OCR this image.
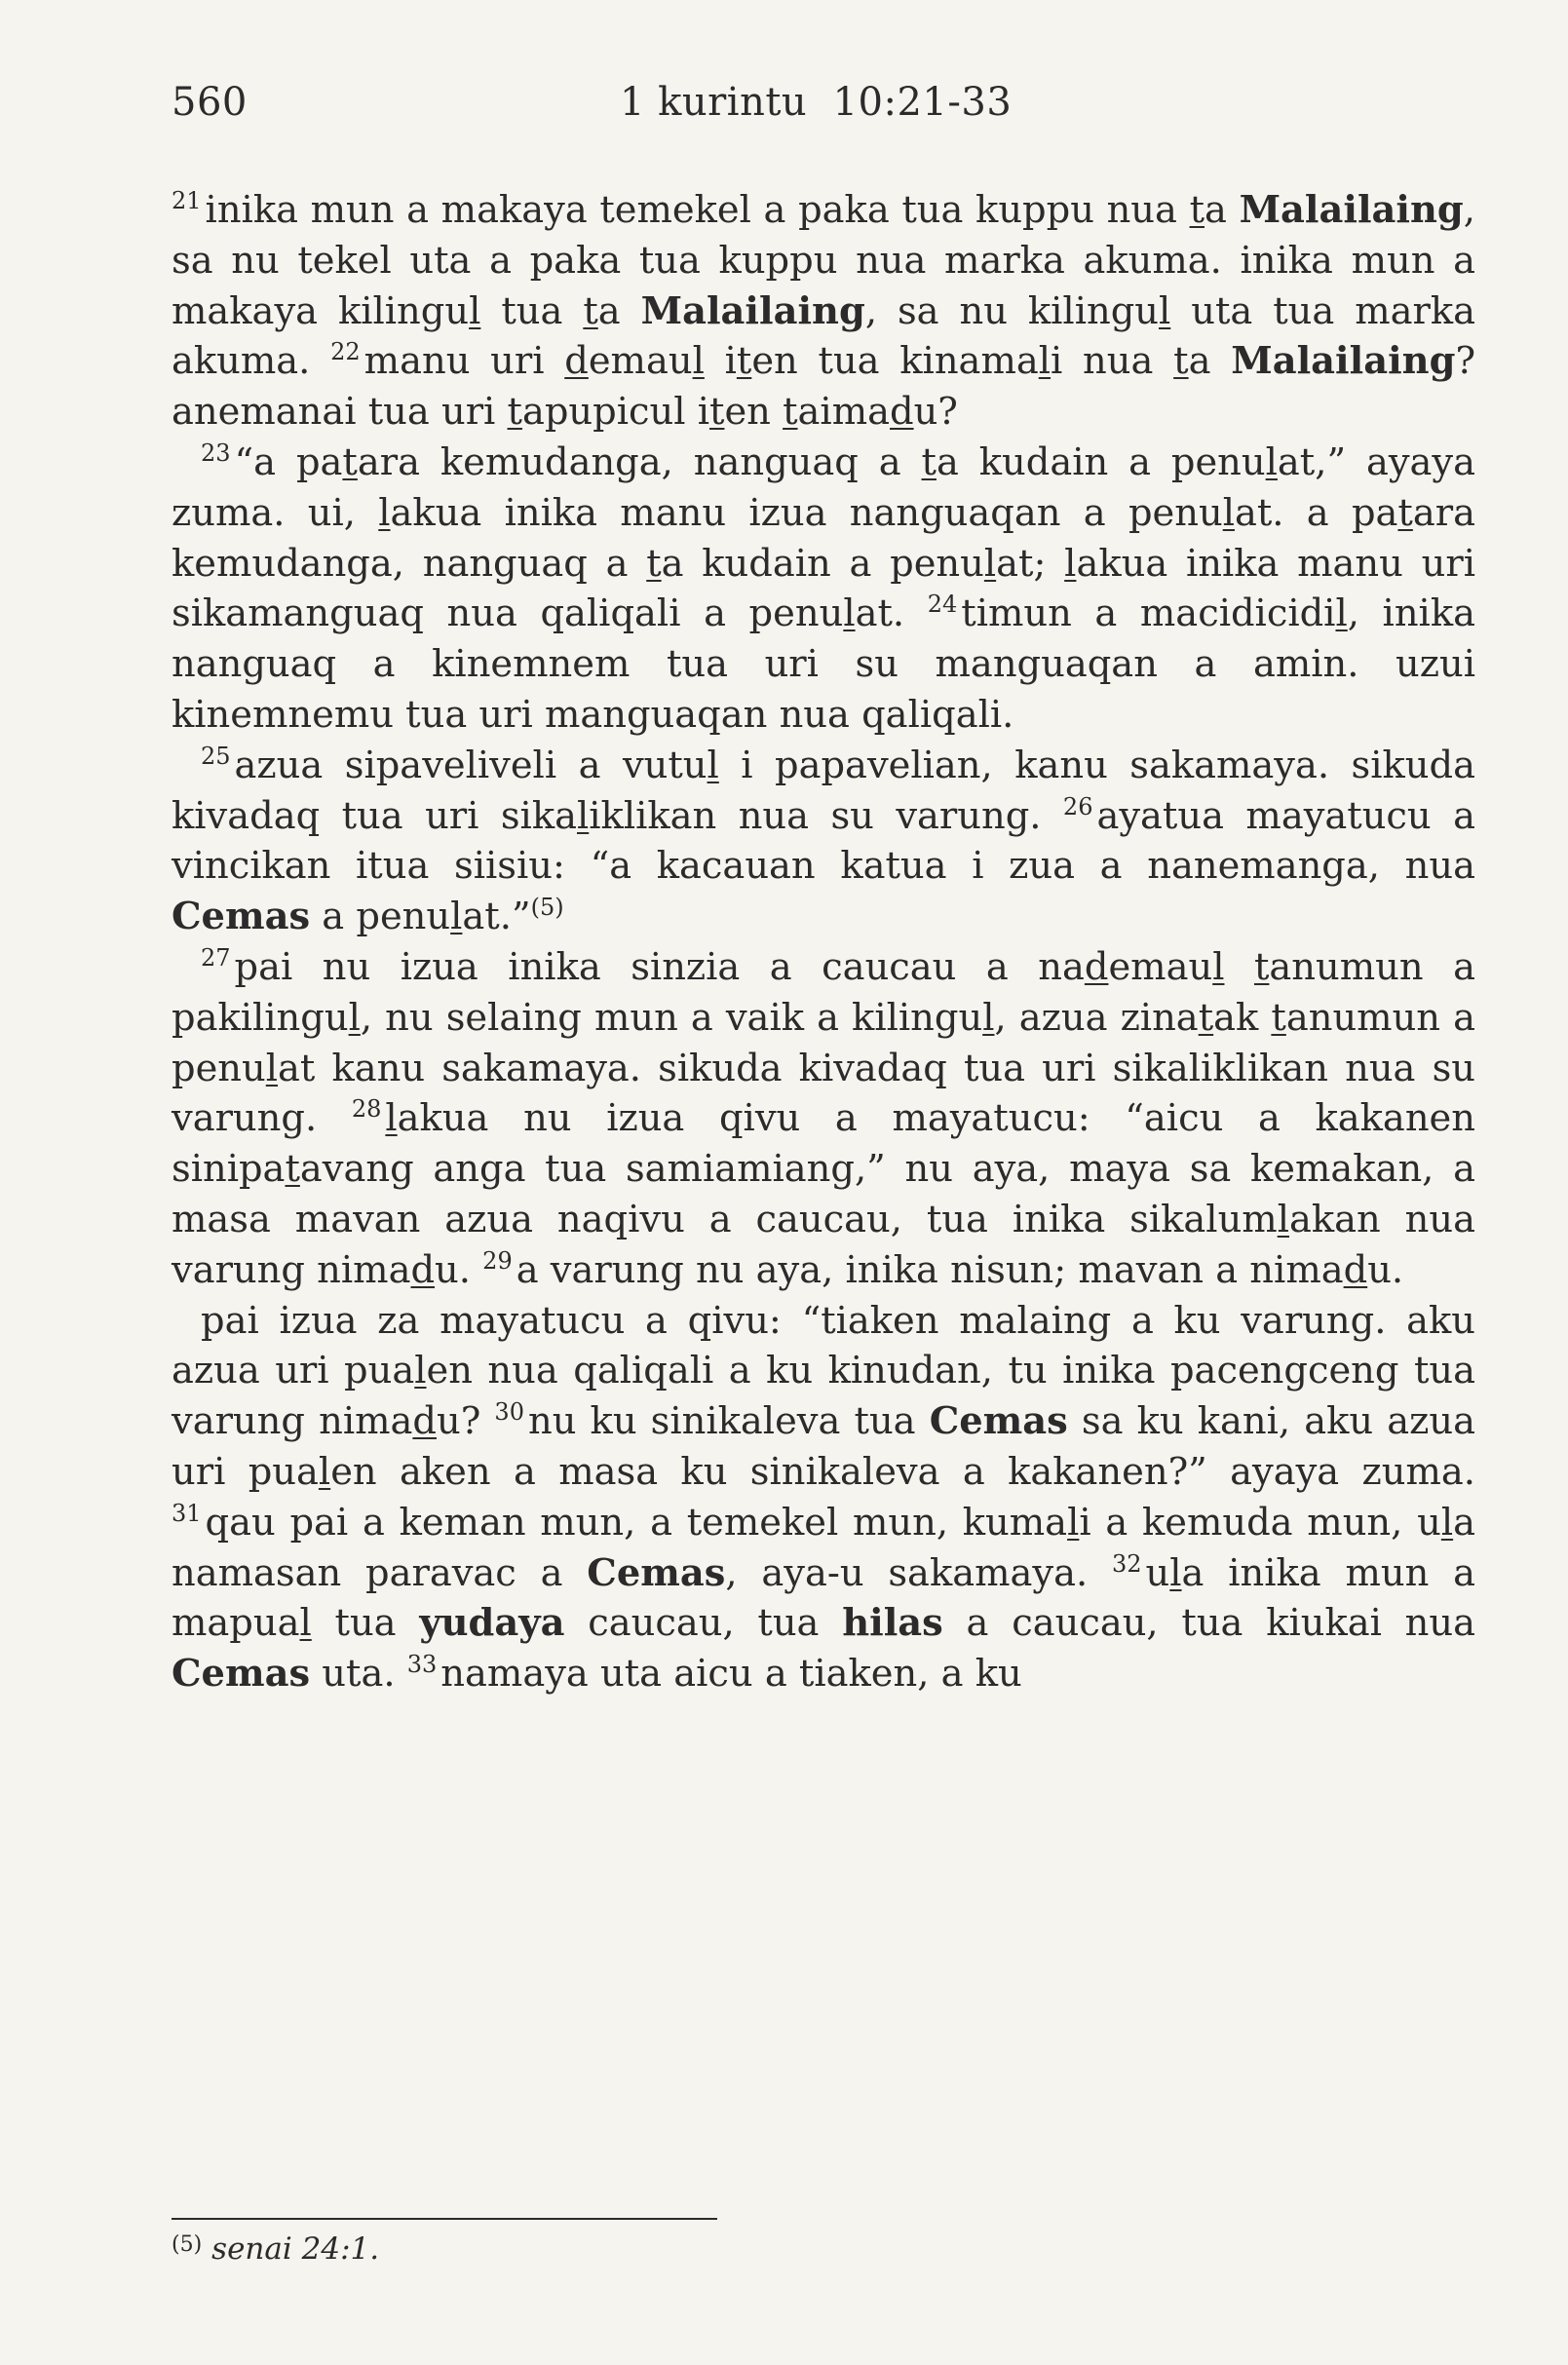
560	1 kurintu  10:21-33

$^{21}$ inika mun a makaya temekel a paka tua kuppu nua ta Malailaing, sa nu tekel uta a paka tua kuppu nua marka akuma. inika mun a makaya kilingul tua ta Malailaing, sa nu kilingul uta tua marka akuma. $^{22}$ manu uri demaul iten tua kinamali nua ta Malailaing? anemanai tua uri tapupicul iten taimadu?

$^{23}$ “a patara kemudanga, nanguaq a ta kudain a penulat,” ayaya zuma. ui, lakua inika manu izua nanguaqan a penulat. a patara kemudanga, nanguaq a ta kudain a penulat; lakua inika manu uri sikamanguaq nua qaliqali a penulat. $^{24}$ timun a macidicidil, inika nanguaq a kinemnem tua uri su manguaqan a amin. uzui kinemnemu tua uri manguaqan nua qaliqali.

$^{25}$ azua sipaveliveli a vutul i papavelian, kanu sakamaya. sikuda kivadaq tua uri sikaliklikan nua su varung. $^{26}$ ayatua mayatucu a vincikan itua siisiu: “a kacauan katua i zua a nanemanga, nua Cemas a penulat.”$^{(5)}$

$^{27}$ pai nu izua inika sinzia a caucau a nademaul tanumun a pakilingul, nu selaing mun a vaik a kilingul, azua zinatak tanumun a penulat kanu sakamaya. sikuda kivadaq tua uri sikaliklikan nua su varung. $^{28}$ lakua nu izua qivu a mayatucu: “aicu a kakanen sinipatavang anga tua samiamiang,” nu aya, maya sa kemakan, a masa mavan azua naqivu a caucau, tua inika sikalumlakan nua varung nimadu. $^{29}$ a varung nu aya, inika nisun; mavan a nimadu.

pai izua za mayatucu a qivu: “tiaken malaing a ku varung. aku azua uri pualen nua qaliqali a ku kinudan, tu inika pacengceng tua varung nimadu? $^{30}$ nu ku sinikaleva tua Cemas sa ku kani, aku azua uri pualen aken a masa ku sinikaleva a kakanen?” ayaya zuma. $^{31}$ qau pai a keman mun, a temekel mun, kumali a kemuda mun, ula namasan paravac a Cemas, aya-u sakamaya. $^{32}$ ula inika mun a mapual tua yudaya caucau, tua hilas a caucau, tua kiukai nua Cemas uta. $^{33}$ namaya uta aicu a tiaken, a ku

$^{(5)}$ senai 24:1.
